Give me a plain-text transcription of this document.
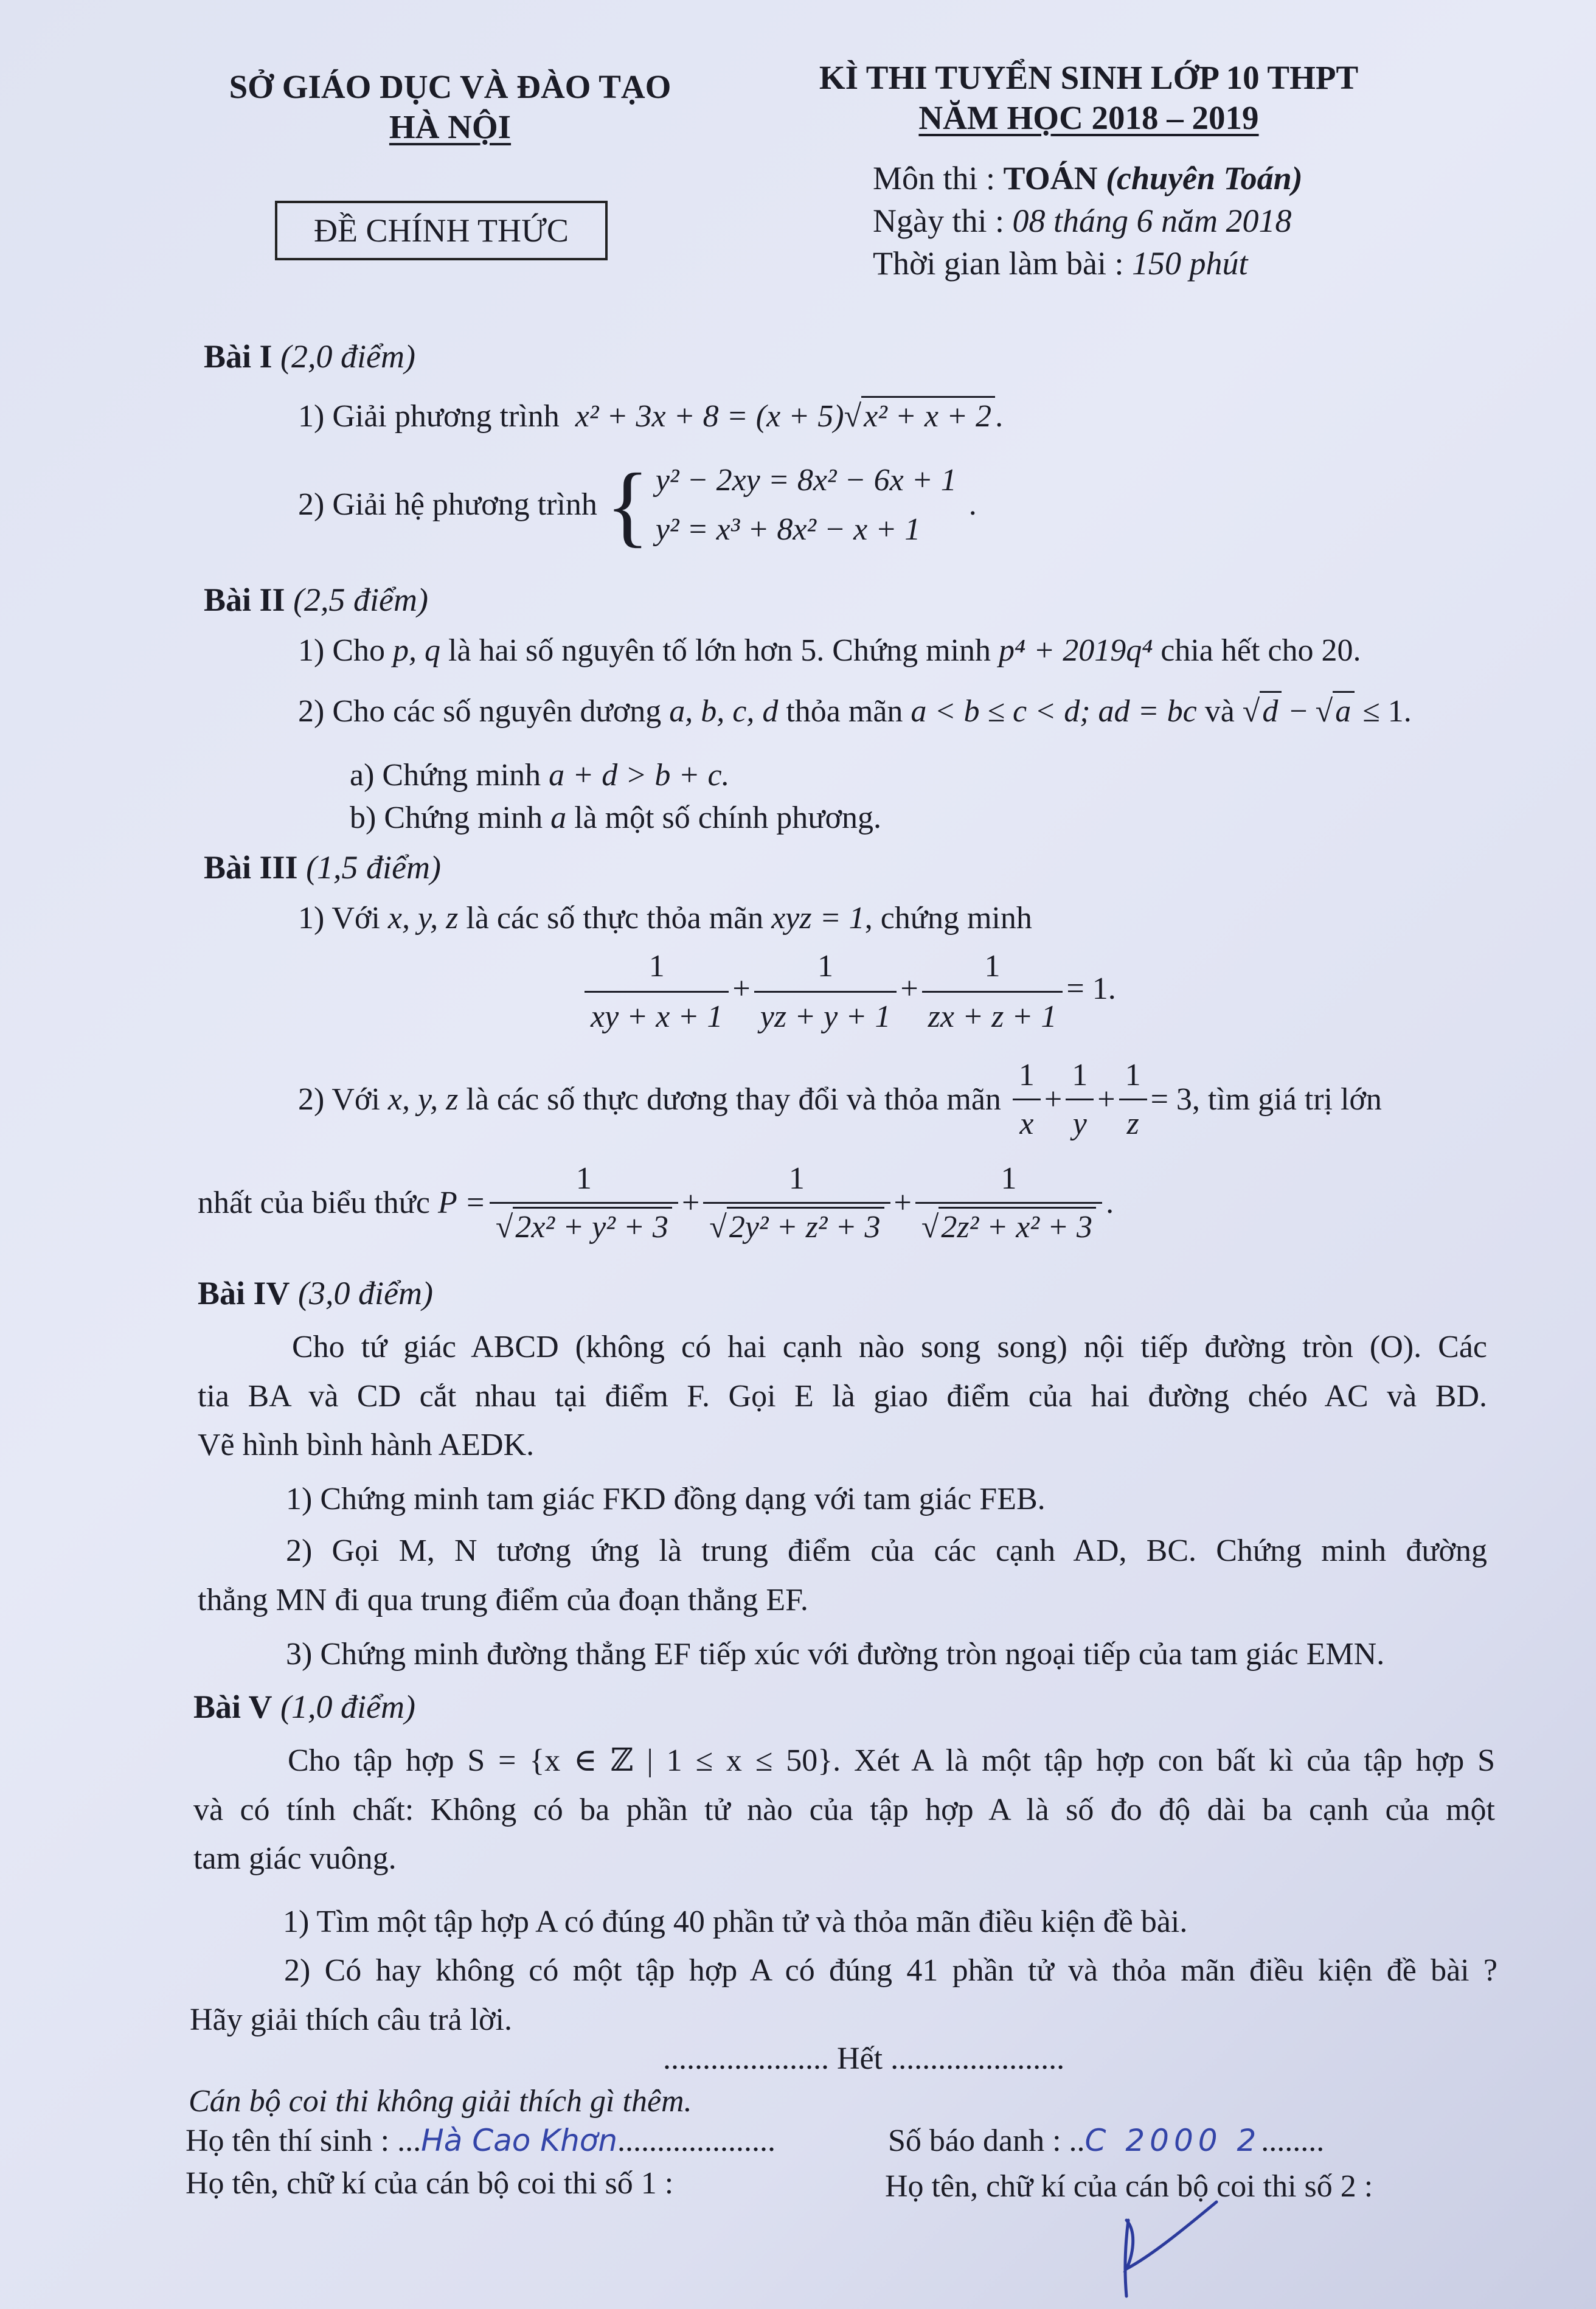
SỞ GIÁO DỤC VÀ ĐÀO TẠO
HÀ NỘI
ĐỀ CHÍNH THỨC
KÌ THI TUYỂN SINH LỚP 10 THPT
NĂM HỌC 2018 – 2019
Môn thi : TOÁN (chuyên Toán)
Ngày thi : 08 tháng 6 năm 2018
Thời gian làm bài : 150 phút
Bài I (2,0 điểm)
1) Giải phương trình x² + 3x + 8 = (x + 5)√x² + x + 2 .
2) Giải hệ phương trình { y² − 2xy = 8x² − 6x + 1
y² = x³ + 8x² − x + 1
.
Bài II (2,5 điểm)
1) Cho p, q là hai số nguyên tố lớn hơn 5. Chứng minh p⁴ + 2019q⁴ chia hết cho 20.
2) Cho các số nguyên dương a, b, c, d thỏa mãn a < b ≤ c < d; ad = bc và √d − √a ≤ 1.
a) Chứng minh a + d > b + c.
b) Chứng minh a là một số chính phương.
Bài III (1,5 điểm)
1) Với x, y, z là các số thực thỏa mãn xyz = 1, chứng minh
$\frac{1}{xy + x + 1} + \frac{1}{yz + y + 1} + \frac{1}{zx + z + 1} = 1$.
2) Với x, y, z là các số thực dương thay đổi và thỏa mãn $\frac{1}{x} + \frac{1}{y} + \frac{1}{z} = 3$ , tìm giá trị lớn
nhất của biểu thức $P = \frac{1}{\text{√2x² + y² + 3}} + \frac{1}{\text{√2y² + z² + 3}} + \frac{1}{\text{√2z² + x² + 3}}$ .
Bài IV (3,0 điểm)
Cho tứ giác ABCD (không có hai cạnh nào song song) nội tiếp đường tròn (O). Các
tia BA và CD cắt nhau tại điểm F. Gọi E là giao điểm của hai đường chéo AC và BD.
Vẽ hình bình hành AEDK.
1) Chứng minh tam giác FKD đồng dạng với tam giác FEB.
2) Gọi M, N tương ứng là trung điểm của các cạnh AD, BC. Chứng minh đường
thẳng MN đi qua trung điểm của đoạn thẳng EF.
3) Chứng minh đường thẳng EF tiếp xúc với đường tròn ngoại tiếp của tam giác EMN.
Bài V (1,0 điểm)
Cho tập hợp S = {x ∈ ℤ | 1 ≤ x ≤ 50}. Xét A là một tập hợp con bất kì của tập hợp S
và có tính chất: Không có ba phần tử nào của tập hợp A là số đo độ dài ba cạnh của một
tam giác vuông.
1) Tìm một tập hợp A có đúng 40 phần tử và thỏa mãn điều kiện đề bài.
2) Có hay không có một tập hợp A có đúng 41 phần tử và thỏa mãn điều kiện đề bài ?
Hãy giải thích câu trả lời.
..................... Hết ......................
Cán bộ coi thi không giải thích gì thêm.
Họ tên thí sinh : ...Hà Cao Khơn....................	Số báo danh : ..C 2000 2........
Họ tên, chữ kí của cán bộ coi thi số 1 :	Họ tên, chữ kí của cán bộ coi thi số 2 :
